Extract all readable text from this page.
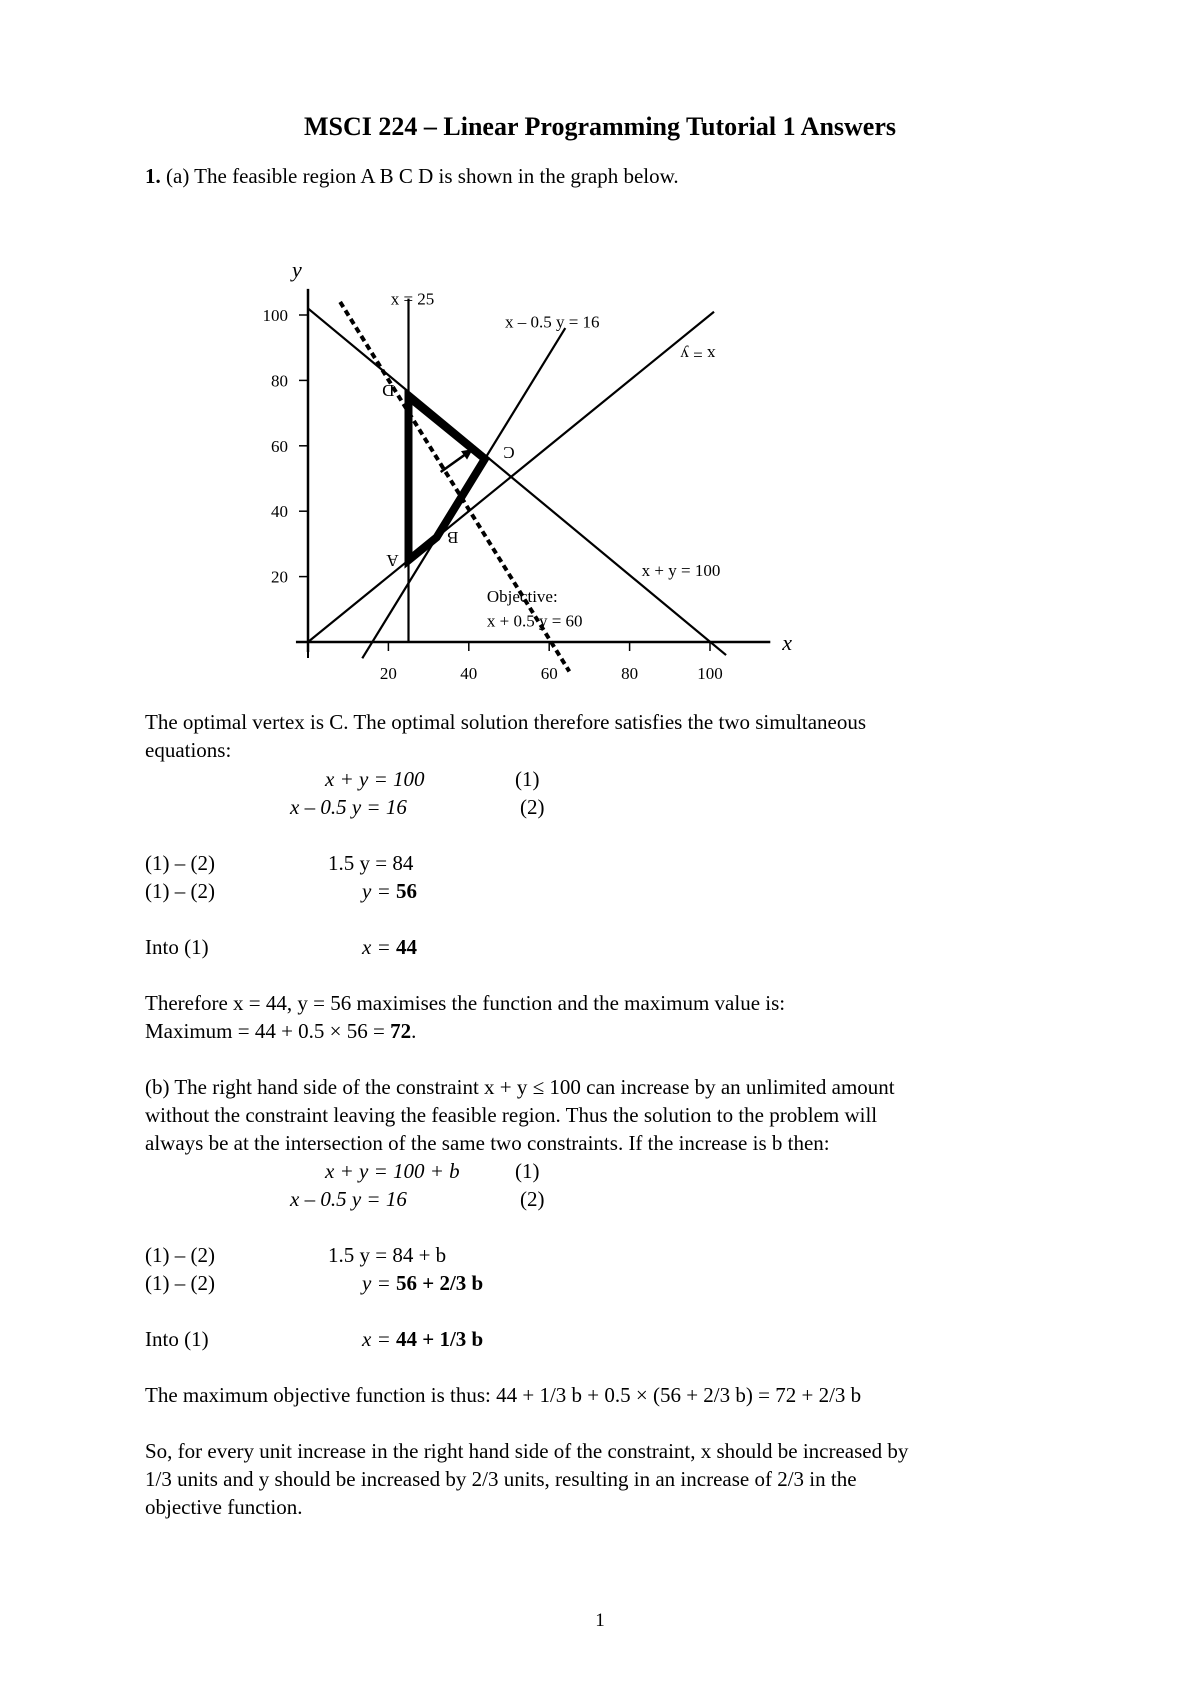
MSCI 224 – Linear Programming Tutorial 1 Answers
1. (a) The feasible region A B C D is shown in the graph below.
x
y
20	40	60	80	100
20
40
60
80
100
x = 25
x – 0.5 y = 16
x = y
x + y = 100
Objective:
x + 0.5 y = 60
A
B
C
D
The optimal vertex is C. The optimal solution therefore satisfies the two simultaneous
equations:
x + y = 100	(1)
x – 0.5 y = 16	(2)
(1) – (2)	1.5 y = 84
(1) – (2)	y = 56
Into (1)	x = 44
Therefore x = 44, y = 56 maximises the function and the maximum value is:
Maximum = 44 + 0.5 × 56 = 72.
(b) The right hand side of the constraint x + y ≤ 100 can increase by an unlimited amount
without the constraint leaving the feasible region. Thus the solution to the problem will
always be at the intersection of the same two constraints. If the increase is b then:
x + y = 100 + b	(1)
x – 0.5 y = 16	(2)
(1) – (2)	1.5 y = 84 + b
(1) – (2)	y = 56 + 2/3 b
Into (1)	x = 44 + 1/3 b
The maximum objective function is thus: 44 + 1/3 b + 0.5 × (56 + 2/3 b) = 72 + 2/3 b
So, for every unit increase in the right hand side of the constraint, x should be increased by
1/3 units and y should be increased by 2/3 units, resulting in an increase of 2/3 in the
objective function.
1
